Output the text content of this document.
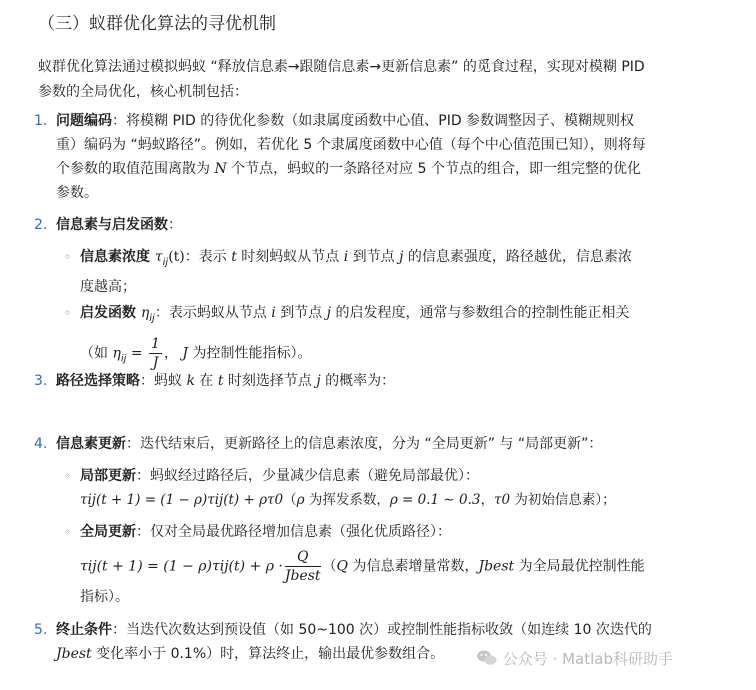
（三）蚁群优化算法的寻优机制

蚁群优化算法通过模拟蚂蚁 “释放信息素→跟随信息素→更新信息素” 的觅食过程，实现对模糊 PID

参数的全局优化，核心机制包括：

1. 问题编码：将模糊 PID 的待优化参数（如隶属度函数中心值、PID 参数调整因子、模糊规则权

重）编码为 “蚂蚁路径”。例如，若优化 5 个隶属度函数中心值（每个中心值范围已知），则将每

个参数的取值范围离散为 N 个节点，蚂蚁的一条路径对应 5 个节点的组合，即一组完整的优化

参数。

2. 信息素与启发函数：

◦ 信息素浓度 $\tau_{ij}(t)$：表示 t 时刻蚂蚁从节点 i 到节点 j 的信息素强度，路径越优，信息素浓

度越高；

◦ 启发函数 $\eta_{ij}$：表示蚂蚁从节点 i 到节点 j 的启发程度，通常与参数组合的控制性能正相关

（如 $\eta_{ij} = \frac{1}{J}$ ， J 为控制性能指标）。

3. 路径选择策略：蚂蚁 k 在 t 时刻选择节点 j 的概率为：

4. 信息素更新：迭代结束后，更新路径上的信息素浓度，分为 “全局更新” 与 “局部更新”：

◦ 局部更新：蚂蚁经过路径后，少量减少信息素（避免局部最优）：

τij(t + 1) = (1 − ρ)τij(t) + ρτ0（ρ 为挥发系数，ρ = 0.1 ∼ 0.3，τ0 为初始信息素）；

◦ 全局更新：仅对全局最优路径增加信息素（强化优质路径）：

$\tau ij(t + 1) = (1 - \rho)\tau ij(t) + \rho \cdot \frac{Q}{\text{Jbest}} (Q$ 为信息素增量常数，Jbest 为全局最优控制性能

指标）。

5. 终止条件：当迭代次数达到预设值（如 50~100 次）或控制性能指标收敛（如连续 10 次迭代的

Jbest 变化率小于 0.1%）时，算法终止，输出最优参数组合。	公众号 · Matlab科研助手
